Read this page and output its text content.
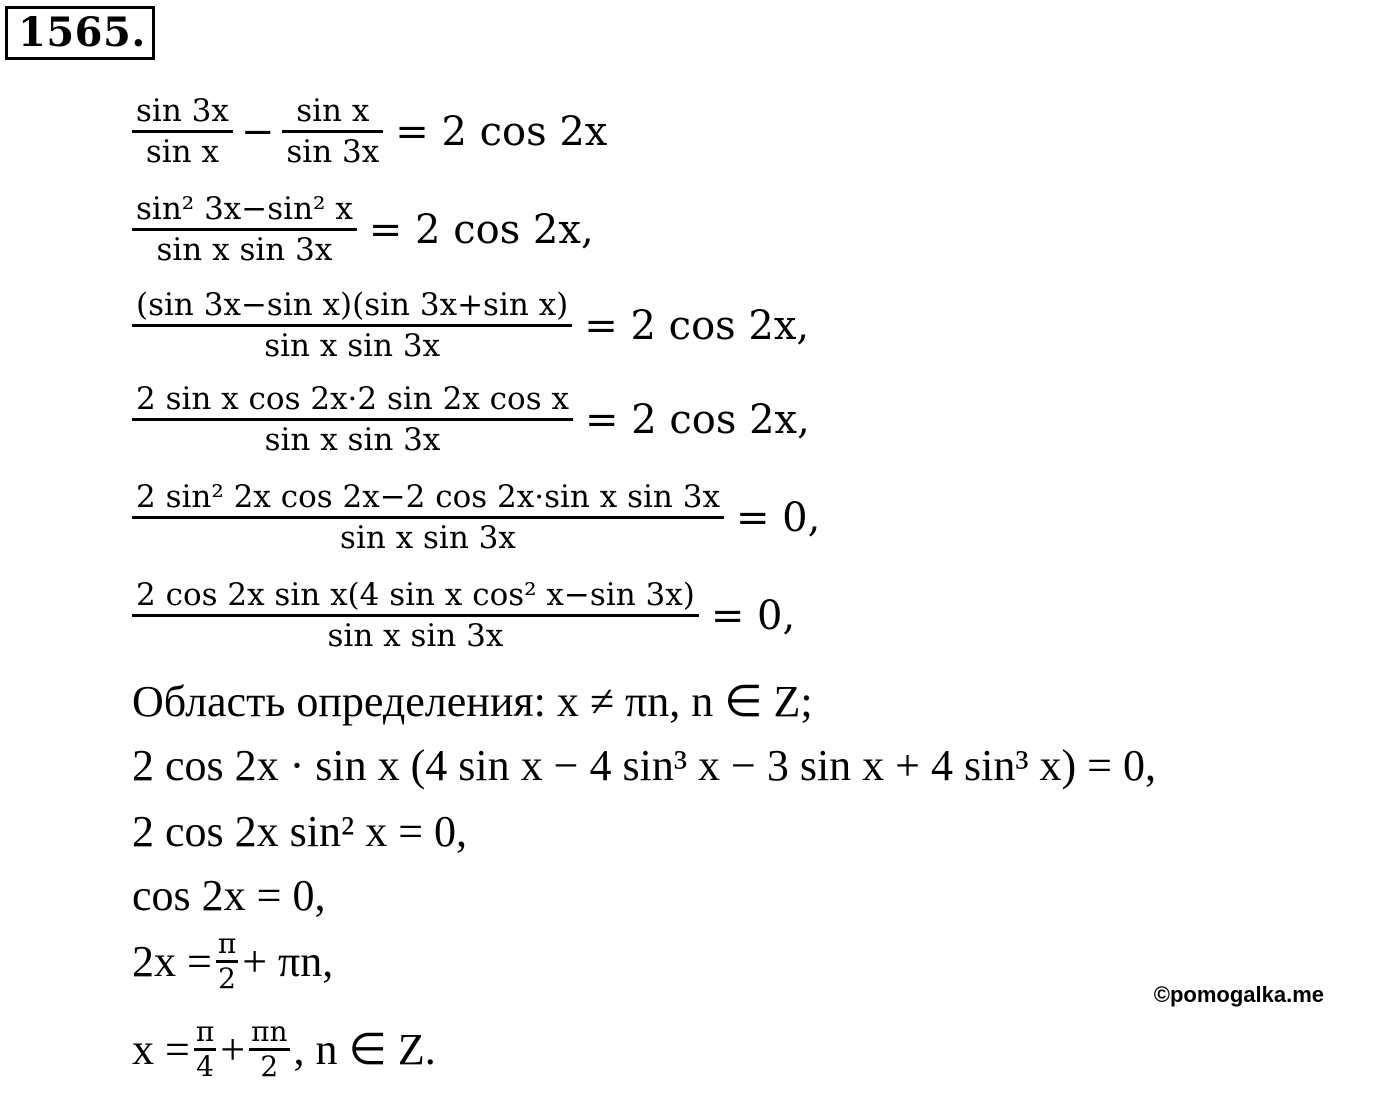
1565.
$\frac{\sin 3x}{\text{sin x}} - \frac{\text{sin x}}{\sin 3x} = 2$ cos 2x
$\frac{\text{sin² 3x−sin² x}}{\text{sin x sin 3x}} = 2$ cos 2x,
$\frac{\text{(sin 3x−sin x)(sin 3x+sin x)}}{\text{sin x sin 3x}} = 2$ cos 2x,
$\frac{\text{2 sin x cos 2x·2 sin 2x cos x}}{\text{sin x sin 3x}} = 2$ cos 2x,
$\frac{\text{2 sin² 2x cos 2x−2 cos 2x·sin x sin 3x}}{\text{sin x sin 3x}} = 0$,
$\frac{\text{2 cos 2x sin x(4 sin x cos² x−sin 3x)}}{\text{sin x sin 3x}} = 0$,
Область определения: x ≠ πn, n ∈ Z;
2 cos 2x · sin x (4 sin x − 4 sin³ x − 3 sin x + 4 sin³ x) = 0,
2 cos 2x sin² x = 0,
cos 2x = 0,
2x = π
2 + πn,
x = π
4 + πn
2 , n ∈ Z.
©pomogalka.me
